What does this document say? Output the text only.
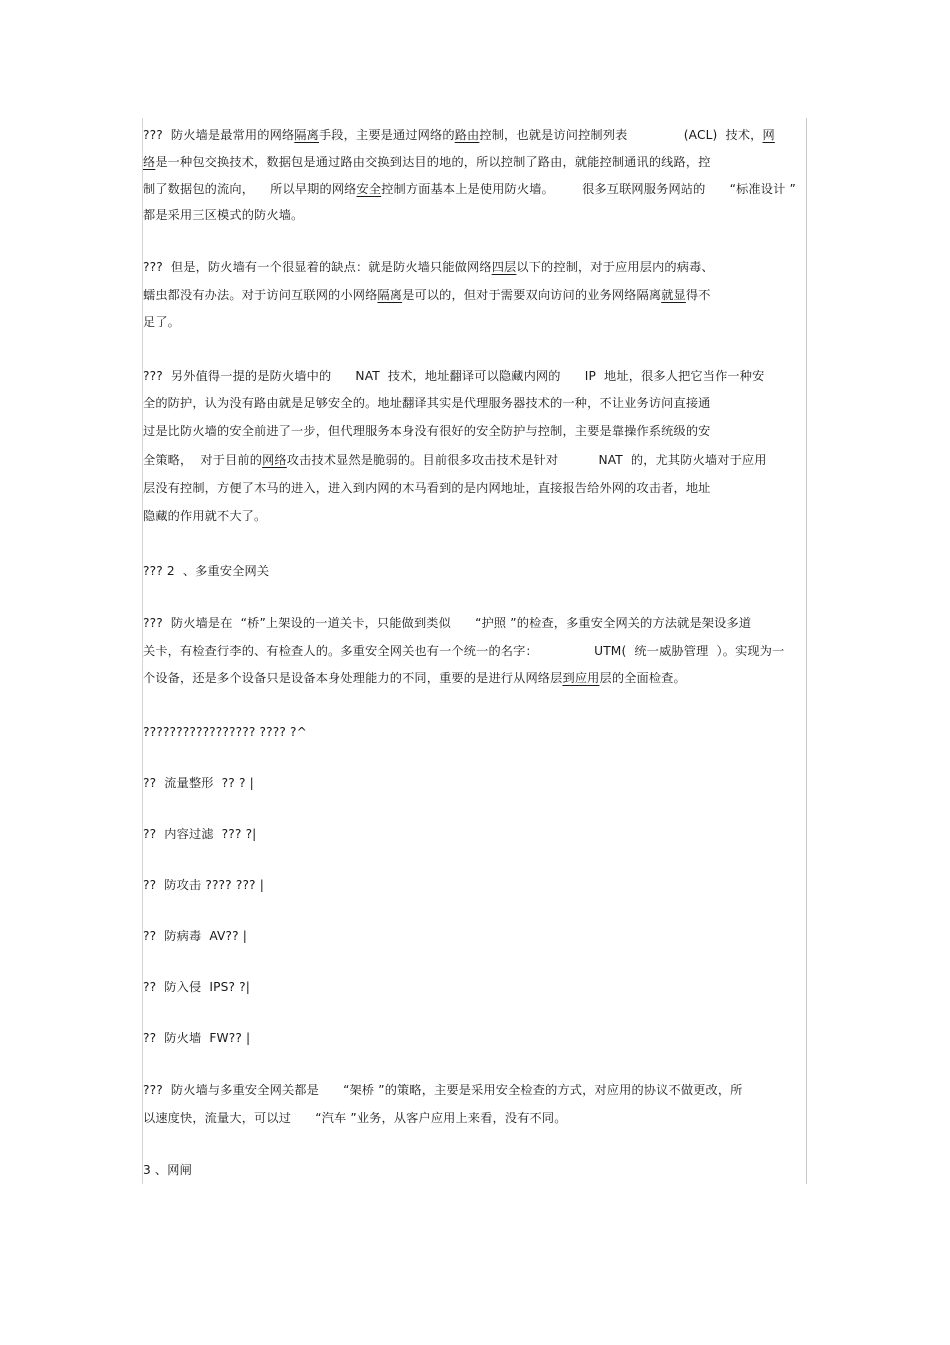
???  防火墙是最常用的网络隔离手段，主要是通过网络的路由控制，也就是访问控制列表              (ACL)  技术，网
络是一种包交换技术，数据包是通过路由交换到达目的地的，所以控制了路由，就能控制通讯的线路，控
制了数据包的流向，    所以早期的网络安全控制方面基本上是使用防火墙。       很多互联网服务网站的      “标准设计 ”
都是采用三区模式的防火墙。
???  但是，防火墙有一个很显着的缺点：就是防火墙只能做网络四层以下的控制，对于应用层内的病毒、
蠕虫都没有办法。对于访问互联网的小网络隔离是可以的，但对于需要双向访问的业务网络隔离就显得不
足了。
???  另外值得一提的是防火墙中的      NAT  技术，地址翻译可以隐藏内网的      IP  地址，很多人把它当作一种安
全的防护，认为没有路由就是足够安全的。地址翻译其实是代理服务器技术的一种，不让业务访问直接通
过是比防火墙的安全前进了一步，但代理服务本身没有很好的安全防护与控制，主要是靠操作系统级的安
全策略，  对于目前的网络攻击技术显然是脆弱的。目前很多攻击技术是针对          NAT  的，尤其防火墙对于应用
层没有控制，方便了木马的进入，进入到内网的木马看到的是内网地址，直接报告给外网的攻击者，地址
隐藏的作用就不大了。
??? 2  、多重安全网关
???  防火墙是在  “桥”上架设的一道关卡，只能做到类似      “护照 ”的检查，多重安全网关的方法就是架设多道
关卡，有检查行李的、有检查人的。多重安全网关也有一个统一的名字：              UTM(  统一威胁管理  ）。实现为一
个设备，还是多个设备只是设备本身处理能力的不同，重要的是进行从网络层到应用层的全面检查。
????????????????? ???? ?^
??  流量整形  ?? ? |
??  内容过滤  ??? ?|
??  防攻击 ???? ??? |
??  防病毒  AV?? |
??  防入侵  IPS? ?|
??  防火墙  FW?? |
???  防火墙与多重安全网关都是      “架桥 ”的策略，主要是采用安全检查的方式，对应用的协议不做更改，所
以速度快，流量大，可以过      “汽车 ”业务，从客户应用上来看，没有不同。
3 、网闸
